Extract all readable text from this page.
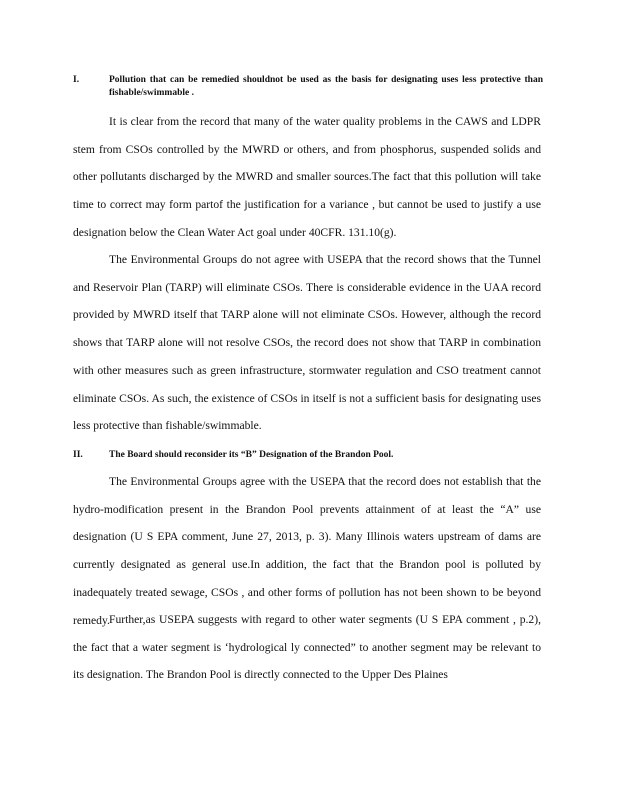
I.	Pollution that can be remedied shouldnot be used as the basis for designating uses less protective than fishable/swimmable .

It is clear from the record that many of the water quality problems in the CAWS and LDPR stem from CSOs controlled by the MWRD or others, and from phosphorus, suspended solids and other pollutants discharged by the MWRD and smaller sources.The fact that this pollution will take time to correct may form partof the justification for a variance , but cannot be used to justify a use designation below the Clean Water Act goal under 40CFR. 131.10(g).

The Environmental Groups do not agree with USEPA that the record shows that the Tunnel and Reservoir Plan (TARP) will eliminate CSOs. There is considerable evidence in the UAA record provided by MWRD itself that TARP alone will not eliminate CSOs. However, although the record shows that TARP alone will not resolve CSOs, the record does not show that TARP in combination with other measures such as green infrastructure, stormwater regulation and CSO treatment cannot eliminate CSOs. As such, the existence of CSOs in itself is not a sufficient basis for designating uses less protective than fishable/swimmable.

II.	The Board should reconsider its “B” Designation of the Brandon Pool.

The Environmental Groups agree with the USEPA that the record does not establish that the hydro-modification present in the Brandon Pool prevents attainment of at least the “A” use designation (U S EPA comment, June 27, 2013, p. 3). Many Illinois waters upstream of dams are currently designated as general use.In addition, the fact that the Brandon pool is polluted by inadequately treated sewage, CSOs , and other forms of pollution has not been shown to be beyond remedy. Further,as USEPA suggests with regard to other water segments (U S EPA comment , p.2), the fact that a water segment is ‘hydrological ly connected” to another segment may be relevant to its designation. The Brandon Pool is directly connected to the Upper Des Plaines
